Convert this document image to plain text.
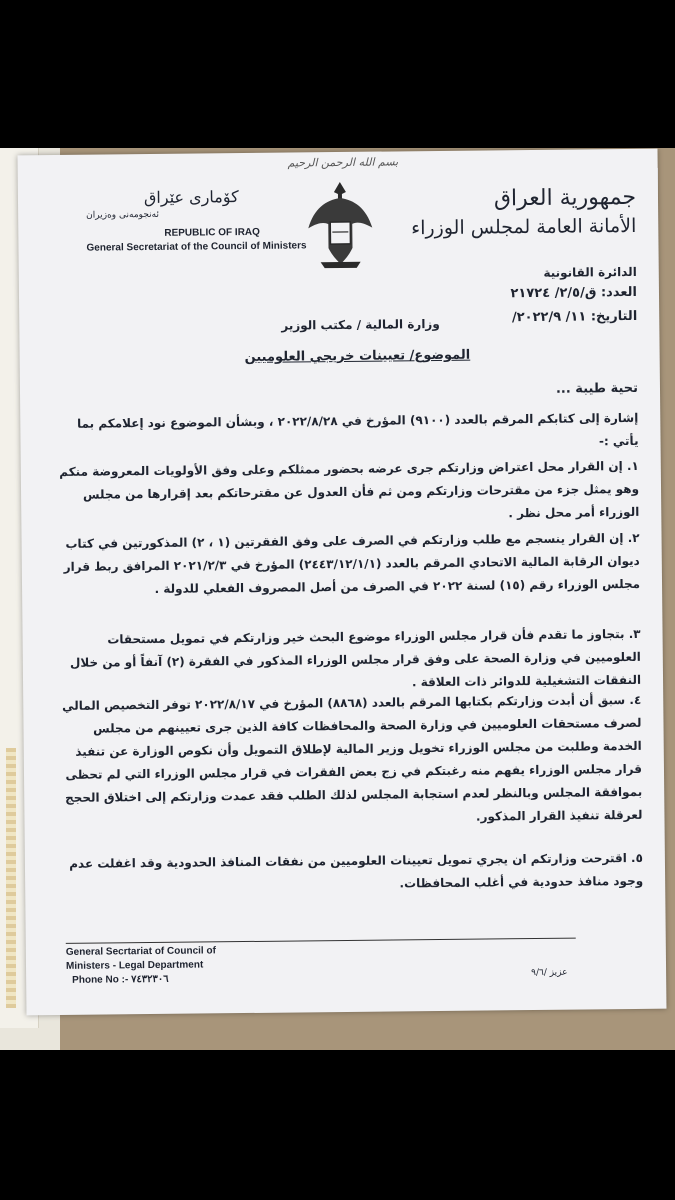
بسم الله الرحمن الرحيم
جمهورية العراق
الأمانة العامة لمجلس الوزراء
كۆماری عێراق
ئه‌نجومه‌نی وه‌زیران
REPUBLIC OF IRAQ
General Secretariat of the Council of Ministers
الدائرة القانونية
العدد: ق/٢/٥/ ٢١٧٢٤
التاريخ: ١١/ ٢٠٢٢/٩/
وزارة المالية / مكتب الوزير
الموضوع/ تعيينات خريجي العلوميين
تحية طيبة ...
إشارة إلى كتابكم المرقم بالعدد (٩١٠٠) المؤرخ في ٢٠٢٢/٨/٢٨ ، وبشأن الموضوع نود إعلامكم بما يأتي :-
١. إن القرار محل اعتراض وزارتكم جرى عرضه بحضور ممثلكم وعلى وفق الأولويات المعروضة منكم وهو يمثل جزء من مقترحات وزارتكم ومن ثم فأن العدول عن مقترحاتكم بعد إقرارها من مجلس الوزراء أمر محل نظر .
٢. إن القرار ينسجم مع طلب وزارتكم في الصرف على وفق الفقرتين (١ ، ٢) المذكورتين في كتاب ديوان الرقابة المالية الاتحادي المرقم بالعدد (٢٤٤٣/١٢/١/١) المؤرخ في ٢٠٢١/٢/٣ المرافق ربط قرار مجلس الوزراء رقم (١٥) لسنة ٢٠٢٢ في الصرف من أصل المصروف الفعلي للدولة .
٣. بتجاوز ما تقدم فأن قرار مجلس الوزراء موضوع البحث خير وزارتكم في تمويل مستحقات العلوميين في وزارة الصحة على وفق قرار مجلس الوزراء المذكور في الفقرة (٢) آنفاً أو من خلال النفقات التشغيلية للدوائر ذات العلاقة .
٤. سبق أن أبدت وزارتكم بكتابها المرقم بالعدد (٨٨٦٨) المؤرخ في ٢٠٢٢/٨/١٧ توفر التخصيص المالي لصرف مستحقات العلوميين في وزارة الصحة والمحافظات كافة الذين جرى تعيينهم من مجلس الخدمة وطلبت من مجلس الوزراء تخويل وزير المالية لإطلاق التمويل وأن نكوص الوزارة عن تنفيذ قرار مجلس الوزراء يفهم منه رغبتكم في زج بعض الفقرات في قرار مجلس الوزراء التي لم تحظى بموافقة المجلس وبالنظر لعدم استجابة المجلس لذلك الطلب فقد عمدت وزارتكم إلى اختلاق الحجج لعرقلة تنفيذ القرار المذكور.
٥. اقترحت وزارتكم ان يجري تمويل تعيينات العلوميين من نفقات المنافذ الحدودية وقد اغفلت عدم وجود منافذ حدودية في أغلب المحافظات.
General Secrtariat of Council of
Ministers - Legal Department
Phone No :- ٧٤٣٢٣٠٦
عزيز /٩/٦
